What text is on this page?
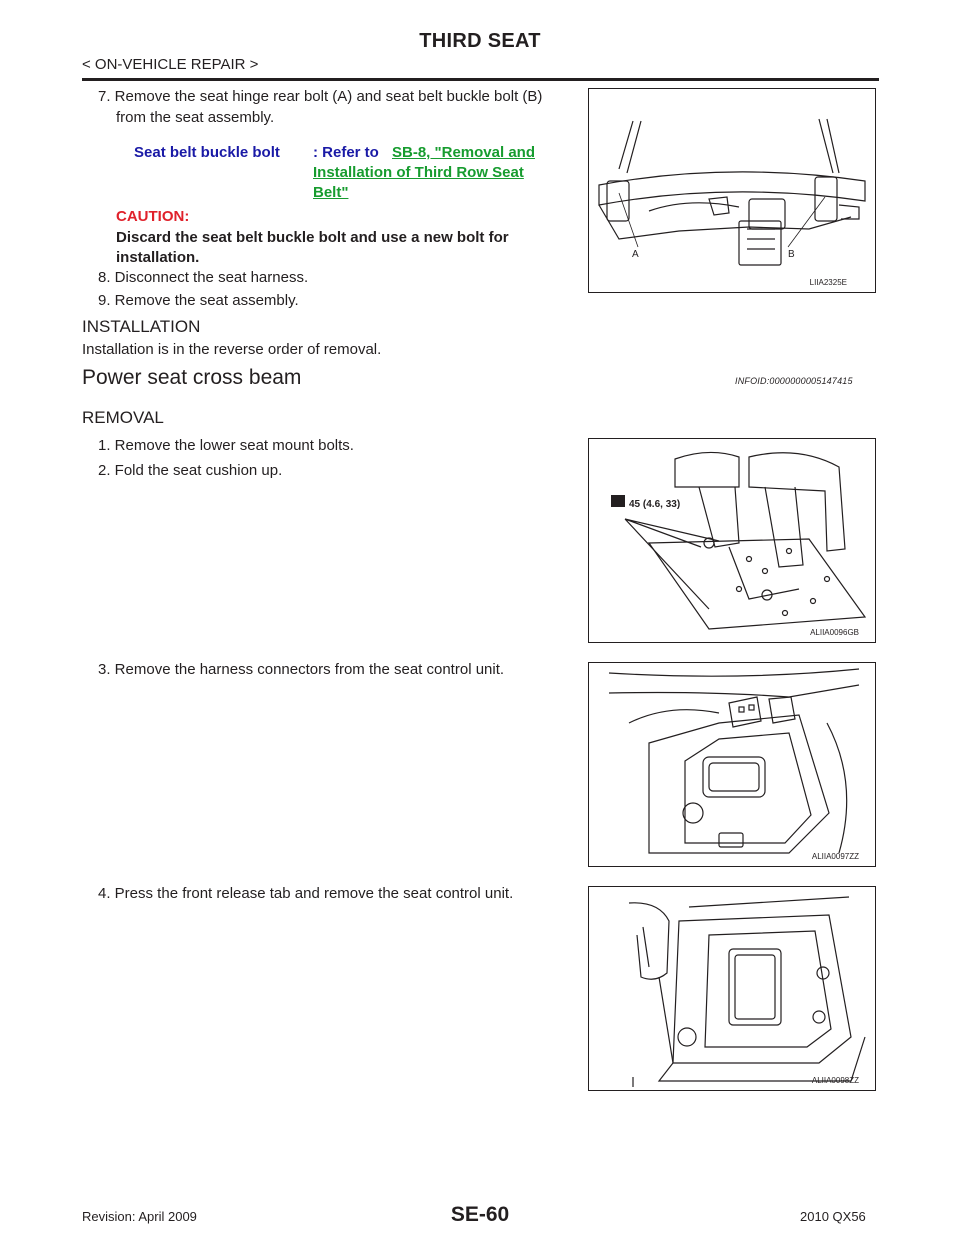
THIRD SEAT
< ON-VEHICLE REPAIR >
7. Remove the seat hinge rear bolt (A) and seat belt buckle bolt (B)
from the seat assembly.
Seat belt buckle bolt : Refer to SB-8, "Removal and
Installation of Third Row Seat
Belt"
CAUTION:
Discard the seat belt buckle bolt and use a new bolt for
installation.
8. Disconnect the seat harness.
9. Remove the seat assembly.
INSTALLATION
Installation is in the reverse order of removal.
Power seat cross beam	INFOID:0000000005147415
REMOVAL
1. Remove the lower seat mount bolts.
2. Fold the seat cushion up.
3. Remove the harness connectors from the seat control unit.
4. Press the front release tab and remove the seat control unit.
A	B
LIIA2325E
45 (4.6, 33)
ALIIA0096GB
ALIIA0097ZZ
ALIIA0098ZZ
SE-60
Revision: April 2009	2010 QX56
